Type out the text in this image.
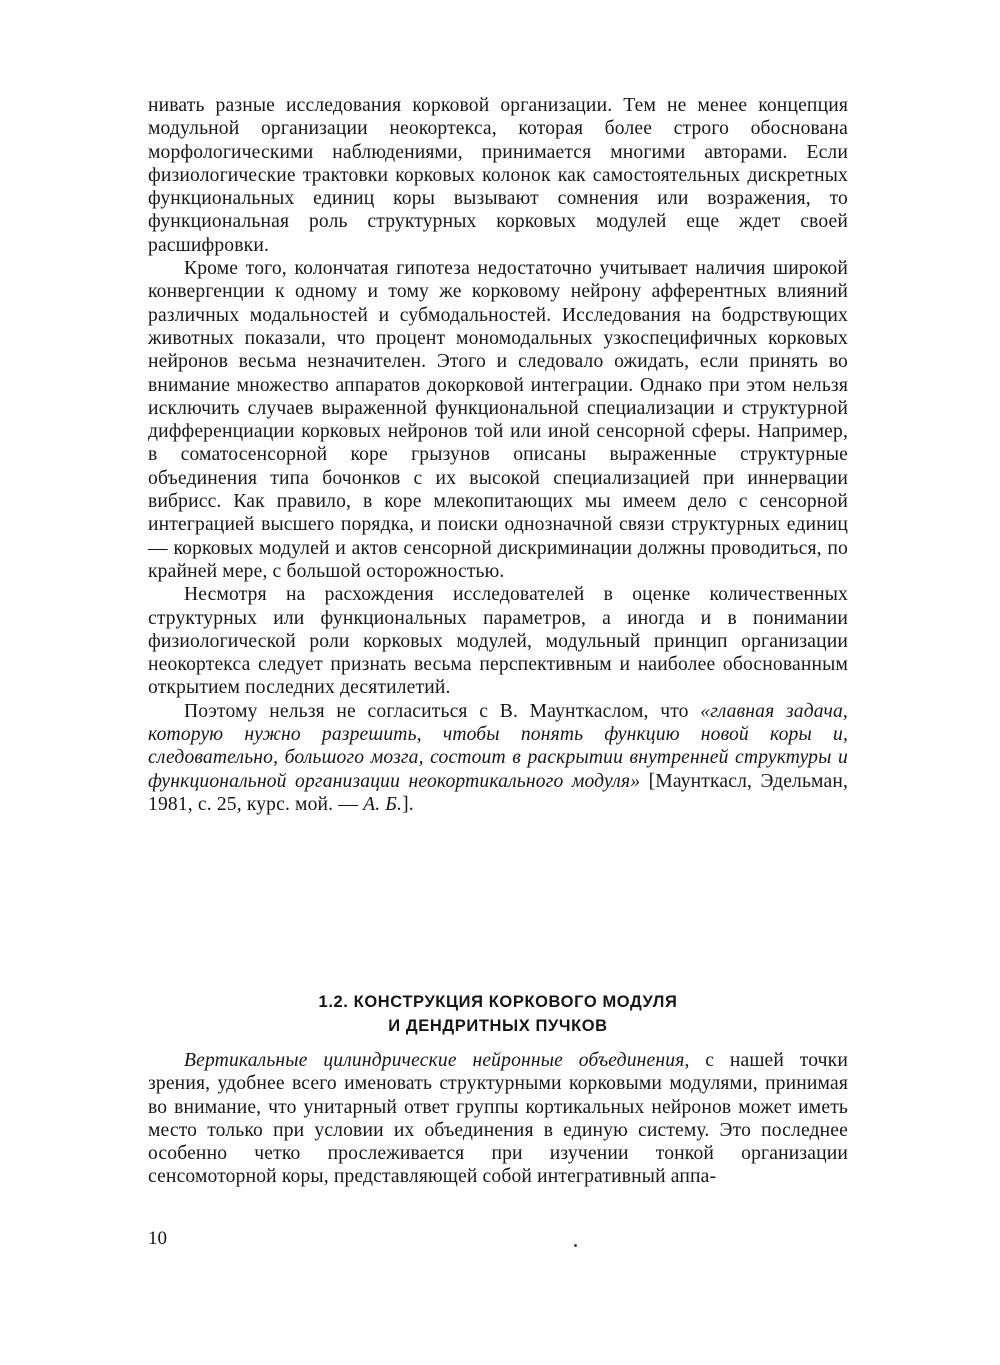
нивать разные исследования корковой организации. Тем не менее концепция модульной организации неокортекса, которая более строго обоснована морфологическими наблюдениями, принимается многими авторами. Если физиологические трактовки корковых колонок как самостоятельных дискретных функциональных единиц коры вызывают сомнения или возражения, то функциональная роль структурных корковых модулей еще ждет своей расшифровки.

Кроме того, колончатая гипотеза недостаточно учитывает наличия широкой конвергенции к одному и тому же корковому нейрону афферентных влияний различных модальностей и субмодальностей. Исследования на бодрствующих животных показали, что процент мономодальных узкоспецифичных корковых нейронов весьма незначителен. Этого и следовало ожидать, если принять во внимание множество аппаратов докорковой интеграции. Однако при этом нельзя исключить случаев выраженной функциональной специализации и структурной дифференциации корковых нейронов той или иной сенсорной сферы. Например, в соматосенсорной коре грызунов описаны выраженные структурные объединения типа бочонков с их высокой специализацией при иннервации вибрисс. Как правило, в коре млекопитающих мы имеем дело с сенсорной интеграцией высшего порядка, и поиски однозначной связи структурных единиц — корковых модулей и актов сенсорной дискриминации должны проводиться, по крайней мере, с большой осторожностью.

Несмотря на расхождения исследователей в оценке количественных структурных или функциональных параметров, а иногда и в понимании физиологической роли корковых модулей, модульный принцип организации неокортекса следует признать весьма перспективным и наиболее обоснованным открытием последних десятилетий.

Поэтому нельзя не согласиться с В. Маунткаслом, что «главная задача, которую нужно разрешить, чтобы понять функцию новой коры и, следовательно, большого мозга, состоит в раскрытии внутренней структуры и функциональной организации неокортикального модуля» [Маунткасл, Эдельман, 1981, с. 25, курс. мой. — А. Б.].

1.2. КОНСТРУКЦИЯ КОРКОВОГО МОДУЛЯ
И ДЕНДРИТНЫХ ПУЧКОВ

Вертикальные цилиндрические нейронные объединения, с нашей точки зрения, удобнее всего именовать структурными корковыми модулями, принимая во внимание, что унитарный ответ группы кортикальных нейронов может иметь место только при условии их объединения в единую систему. Это последнее особенно четко прослеживается при изучении тонкой организации сенсомоторной коры, представляющей собой интегративный аппа-

10
